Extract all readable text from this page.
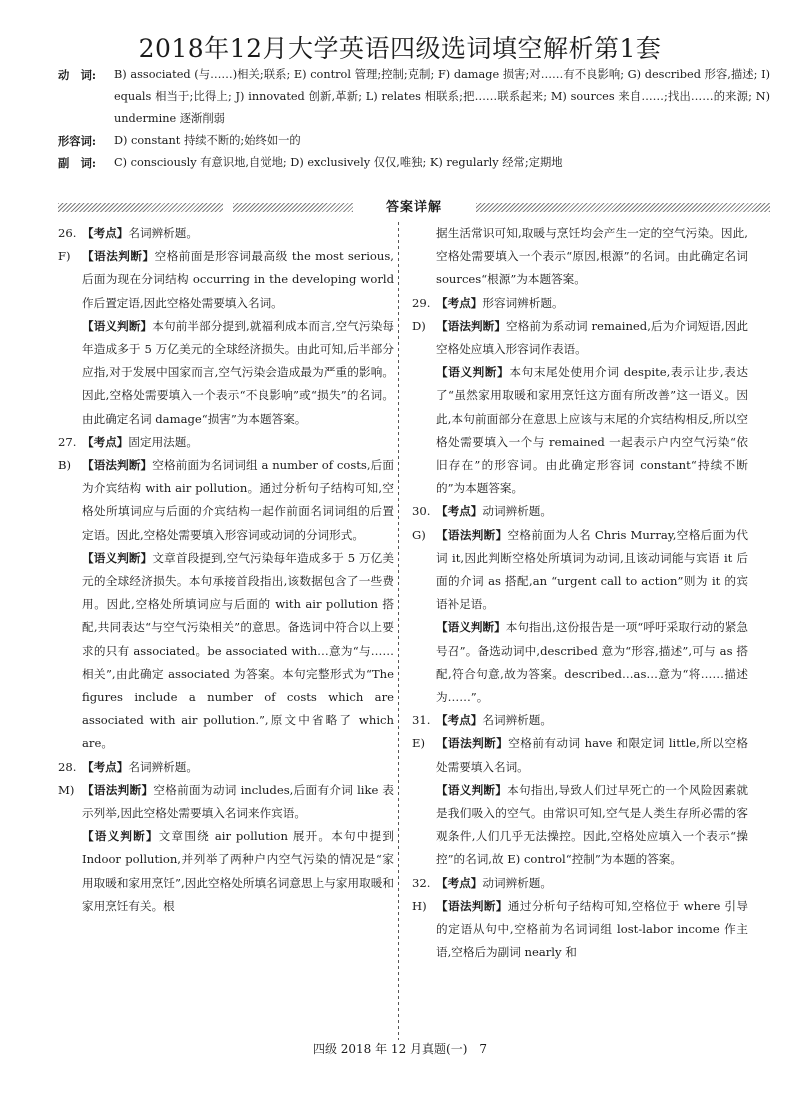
2018年12月大学英语四级选词填空解析第1套
动　词:	B) associated (与……)相关;联系; E) control 管理;控制;克制; F) damage 损害;对……有不良影响; G) described 形容,描述; I) equals 相当于;比得上; J) innovated 创新,革新; L) relates 相联系;把……联系起来; M) sources 来自……;找出……的来源; N) undermine 逐渐削弱
形容词:	D) constant 持续不断的;始终如一的
副　词:	C) consciously 有意识地,自觉地; D) exclusively 仅仅,唯独; K) regularly 经常;定期地
答案详解
26. 【考点】名词辨析题。
F) 【语法判断】空格前面是形容词最高级 the most serious,后面为现在分词结构 occurring in the developing world 作后置定语,因此空格处需要填入名词。
【语义判断】本句前半部分提到,就福利成本而言,空气污染每年造成多于 5 万亿美元的全球经济损失。由此可知,后半部分应指,对于发展中国家而言,空气污染会造成最为严重的影响。因此,空格处需要填入一个表示“不良影响”或“损失”的名词。由此确定名词 damage“损害”为本题答案。
27. 【考点】固定用法题。
B) 【语法判断】空格前面为名词词组 a number of costs,后面为介宾结构 with air pollution。通过分析句子结构可知,空格处所填词应与后面的介宾结构一起作前面名词词组的后置定语。因此,空格处需要填入形容词或动词的分词形式。
【语义判断】文章首段提到,空气污染每年造成多于 5 万亿美元的全球经济损失。本句承接首段指出,该数据包含了一些费用。因此,空格处所填词应与后面的 with air pollution 搭配,共同表达“与空气污染相关”的意思。备选词中符合以上要求的只有 associated。be associated with…意为“与……相关”,由此确定 associated 为答案。本句完整形式为“The figures include a number of costs which are associated with air pollution.”,原文中省略了 which are。
28. 【考点】名词辨析题。
M) 【语法判断】空格前面为动词 includes,后面有介词 like 表示列举,因此空格处需要填入名词来作宾语。
【语义判断】文章围绕 air pollution 展开。本句中提到 Indoor pollution,并列举了两种户内空气污染的情况是“家用取暖和家用烹饪”,因此空格处所填名词意思上与家用取暖和家用烹饪有关。根
据生活常识可知,取暖与烹饪均会产生一定的空气污染。因此,空格处需要填入一个表示“原因,根源”的名词。由此确定名词 sources“根源”为本题答案。
29. 【考点】形容词辨析题。
D) 【语法判断】空格前为系动词 remained,后为介词短语,因此空格处应填入形容词作表语。
【语义判断】本句末尾处使用介词 despite,表示让步,表达了“虽然家用取暖和家用烹饪这方面有所改善”这一语义。因此,本句前面部分在意思上应该与末尾的介宾结构相反,所以空格处需要填入一个与 remained 一起表示户内空气污染“依旧存在”的形容词。由此确定形容词 constant“持续不断的”为本题答案。
30. 【考点】动词辨析题。
G) 【语法判断】空格前面为人名 Chris Murray,空格后面为代词 it,因此判断空格处所填词为动词,且该动词能与宾语 it 后面的介词 as 搭配,an “urgent call to action”则为 it 的宾语补足语。
【语义判断】本句指出,这份报告是一项“呼吁采取行动的紧急号召”。备选动词中,described 意为“形容,描述”,可与 as 搭配,符合句意,故为答案。described…as…意为“将……描述为……”。
31. 【考点】名词辨析题。
E) 【语法判断】空格前有动词 have 和限定词 little,所以空格处需要填入名词。
【语义判断】本句指出,导致人们过早死亡的一个风险因素就是我们吸入的空气。由常识可知,空气是人类生存所必需的客观条件,人们几乎无法操控。因此,空格处应填入一个表示“操控”的名词,故 E) control“控制”为本题的答案。
32. 【考点】动词辨析题。
H) 【语法判断】通过分析句子结构可知,空格位于 where 引导的定语从句中,空格前为名词词组 lost-labor income 作主语,空格后为副词 nearly 和
四级 2018 年 12 月真题(一)　7
